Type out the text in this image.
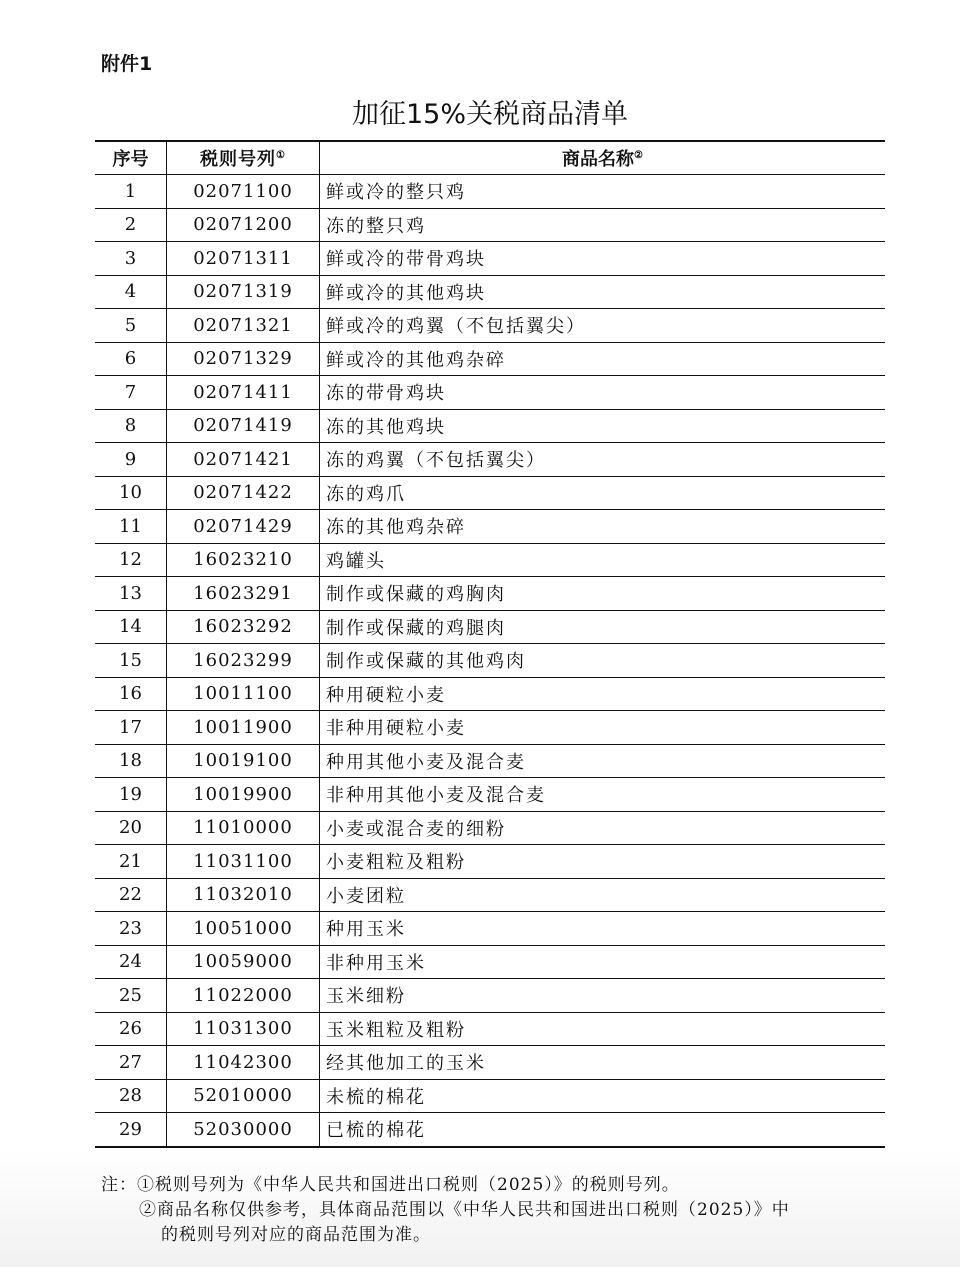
附件1
加征15%关税商品清单
序号	税则号列①	商品名称②
1	02071100	鲜或冷的整只鸡
2	02071200	冻的整只鸡
3	02071311	鲜或冷的带骨鸡块
4	02071319	鲜或冷的其他鸡块
5	02071321	鲜或冷的鸡翼（不包括翼尖）
6	02071329	鲜或冷的其他鸡杂碎
7	02071411	冻的带骨鸡块
8	02071419	冻的其他鸡块
9	02071421	冻的鸡翼（不包括翼尖）
10	02071422	冻的鸡爪
11	02071429	冻的其他鸡杂碎
12	16023210	鸡罐头
13	16023291	制作或保藏的鸡胸肉
14	16023292	制作或保藏的鸡腿肉
15	16023299	制作或保藏的其他鸡肉
16	10011100	种用硬粒小麦
17	10011900	非种用硬粒小麦
18	10019100	种用其他小麦及混合麦
19	10019900	非种用其他小麦及混合麦
20	11010000	小麦或混合麦的细粉
21	11031100	小麦粗粒及粗粉
22	11032010	小麦团粒
23	10051000	种用玉米
24	10059000	非种用玉米
25	11022000	玉米细粉
26	11031300	玉米粗粒及粗粉
27	11042300	经其他加工的玉米
28	52010000	未梳的棉花
29	52030000	已梳的棉花
注：①税则号列为《中华人民共和国进出口税则（2025）》的税则号列。
②商品名称仅供参考，具体商品范围以《中华人民共和国进出口税则（2025）》中
的税则号列对应的商品范围为准。
